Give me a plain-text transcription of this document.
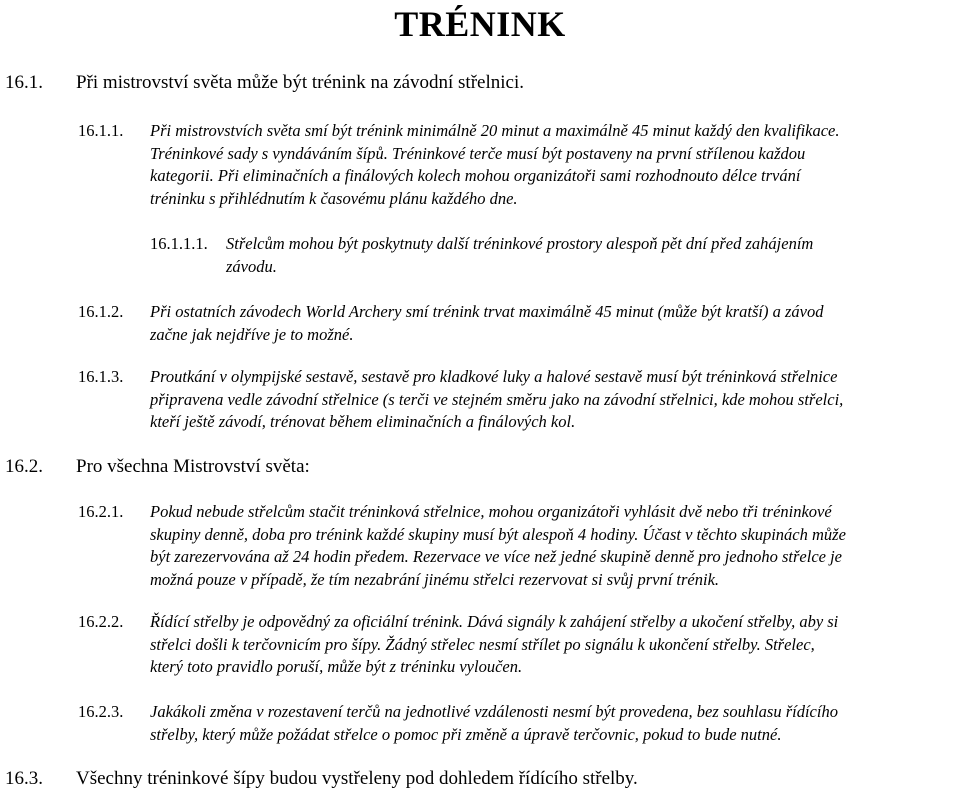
TRÉNINK
16.1. Při mistrovství světa může být trénink na závodní střelnici.
16.1.1. Při mistrovstvích světa smí být trénink minimálně 20 minut a maximálně 45 minut každý den kvalifikace.
Tréninkové sady s vyndáváním šípů. Tréninkové terče musí být postaveny na první střílenou každou
kategorii. Při eliminačních a finálových kolech mohou organizátoři sami rozhodnouto délce trvání
tréninku s přihlédnutím k časovému plánu každého dne.
16.1.1.1. Střelcům mohou být poskytnuty další tréninkové prostory alespoň pět dní před zahájením
závodu.
16.1.2. Při ostatních závodech World Archery smí trénink trvat maximálně 45 minut (může být kratší) a závod
začne jak nejdříve je to možné.
16.1.3. Proutkání v olympijské sestavě, sestavě pro kladkové luky a halové sestavě musí být tréninková střelnice
připravena vedle závodní střelnice (s terči ve stejném směru jako na závodní střelnici, kde mohou střelci,
kteří ještě závodí, trénovat během eliminačních a finálových kol.
16.2. Pro všechna Mistrovství světa:
16.2.1. Pokud nebude střelcům stačit tréninková střelnice, mohou organizátoři vyhlásit dvě nebo tři tréninkové
skupiny denně, doba pro trénink každé skupiny musí být alespoň 4 hodiny. Účast v těchto skupinách může
být zarezervována až 24 hodin předem. Rezervace ve více než jedné skupině denně pro jednoho střelce je
možná pouze v případě, že tím nezabrání jinému střelci rezervovat si svůj první trénik.
16.2.2. Řídící střelby je odpovědný za oficiální trénink. Dává signály k zahájení střelby a ukočení střelby, aby si
střelci došli k terčovnicím pro šípy. Žádný střelec nesmí střílet po signálu k ukončení střelby. Střelec,
který toto pravidlo poruší, může být z tréninku vyloučen.
16.2.3. Jakákoli změna v rozestavení terčů na jednotlivé vzdálenosti nesmí být provedena, bez souhlasu řídícího
střelby, který může požádat střelce o pomoc při změně a úpravě terčovnic, pokud to bude nutné.
16.3. Všechny tréninkové šípy budou vystřeleny pod dohledem řídícího střelby.
